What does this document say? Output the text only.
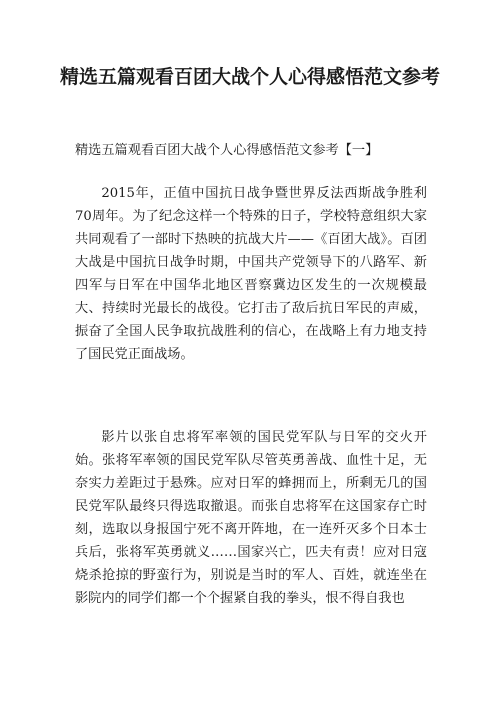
精选五篇观看百团大战个人心得感悟范文参考

精选五篇观看百团大战个人心得感悟范文参考【一】

2015年，正值中国抗日战争暨世界反法西斯战争胜利70周年。为了纪念这样一个特殊的日子，学校特意组织大家共同观看了一部时下热映的抗战大片——《百团大战》。百团大战是中国抗日战争时期，中国共产党领导下的八路军、新四军与日军在中国华北地区晋察冀边区发生的一次规模最大、持续时光最长的战役。它打击了敌后抗日军民的声威，振奋了全国人民争取抗战胜利的信心，在战略上有力地支持了国民党正面战场。

影片以张自忠将军率领的国民党军队与日军的交火开始。张将军率领的国民党军队尽管英勇善战、血性十足，无奈实力差距过于悬殊。应对日军的蜂拥而上，所剩无几的国民党军队最终只得选取撤退。而张自忠将军在这国家存亡时刻，选取以身报国宁死不离开阵地，在一连歼灭多个日本士兵后，张将军英勇就义……国家兴亡，匹夫有责！应对日寇烧杀抢掠的野蛮行为，别说是当时的军人、百姓，就连坐在影院内的同学们都一个个握紧自我的拳头，恨不得自我也
